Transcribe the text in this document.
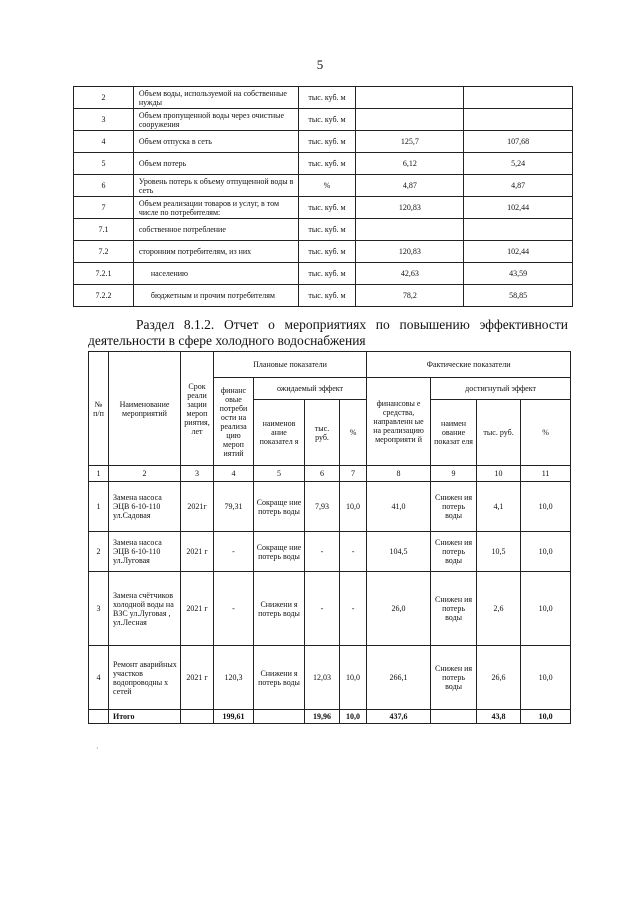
5
2	Объем воды, используемой на собственные нужды	тыс. куб. м		
3	Объем пропущенной воды через очистные сооружения	тыс. куб. м		
4	Объем отпуска в сеть	тыс. куб. м	125,7	107,68
5	Объем потерь	тыс. куб. м	6,12	5,24
6	Уровень потерь к объему отпущенной воды в сеть	%	4,87	4,87
7	Объем реализации товаров и услуг, в том числе по потребителям:	тыс. куб. м	120,83	102,44
7.1	собственное потребление	тыс. куб. м		
7.2	сторонним потребителям, из них	тыс. куб. м	120,83	102,44
7.2.1	населению	тыс. куб. м	42,63	43,59
7.2.2	бюджетным и прочим потребителям	тыс. куб. м	78,2	58,85
Раздел 8.1.2. Отчет о мероприятиях по повышению эффективности
деятельности в сфере холодного водоснабжения
№ п/п	Наименование мероприятий	Срок реали зации мероп риятия, лет	Плановые показатели				Фактические показатели			
			финанс овые потреби ости на реализа цию мероп иятий	ожидаемый эффект			финансовы е средства, направленн ые на реализацию мероприяти й	достигнутый эффект		
				наименов ание показател я	тыс. руб.	%		наимен ование показат еля	тыс. руб.	%
1	2	3	4	5	6	7	8	9	10	11
1	Замена насоса ЭЦВ 6-10-110 ул.Садовая	2021г	79,31	Сокраще ние потерь воды	7,93	10,0	41,0	Снижен ия потерь воды	4,1	10,0
2	Замена насоса ЭЦВ 6-10-110 ул.Луговая	2021 г	-	Сокраще ние потерь воды	-	-	104,5	Снижен ия потерь воды	10,5	10,0
3	Замена счётчиков холодной воды на ВЗС ул.Луговая , ул.Лесная	2021 г	-	Снижени я потерь воды	-	-	26,0	Снижен ия потерь воды	2,6	10,0
4	Ремонт аварийных участков водопроводны х сетей	2021 г	120,3	Снижени я потерь воды	12,03	10,0	266,1	Снижен ия потерь воды	26,6	10,0
	Итого		199,61		19,96	10,0	437,6		43,8	10,0
·
